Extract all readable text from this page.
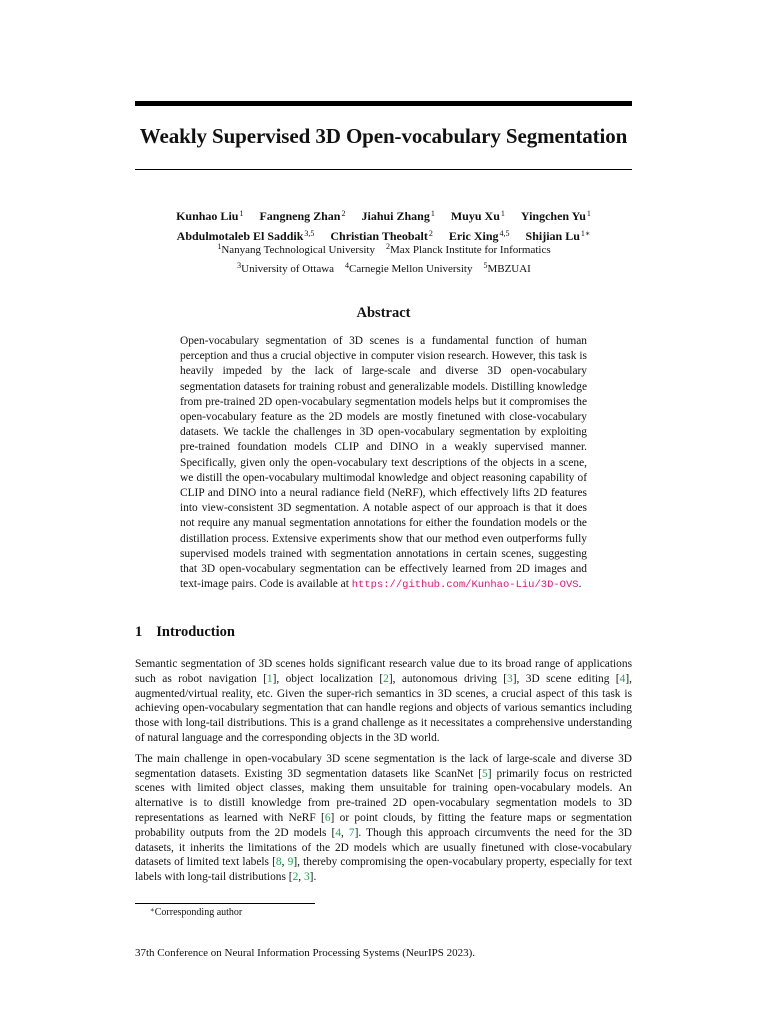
Weakly Supervised 3D Open-vocabulary Segmentation
Kunhao Liu$^1$ Fangneng Zhan$^2$ Jiahui Zhang$^1$ Muyu Xu$^1$ Yingchen Yu$^1$
Abdulmotaleb El Saddik$^{3,5}$ Christian Theobalt$^2$ Eric Xing$^{4,5}$ Shijian $Lu^{1∗}$
$^1$Nanyang Technological University $^2$Max Planck Institute for Informatics
$^3$University of Ottawa $^4$Carnegie Mellon University $^5$MBZUAI
Abstract

Open-vocabulary segmentation of 3D scenes is a fundamental function of human perception and thus a crucial objective in computer vision research. However, this task is heavily impeded by the lack of large-scale and diverse 3D open-vocabulary segmentation datasets for training robust and generalizable models. Distilling knowledge from pre-trained 2D open-vocabulary segmentation models helps but it compromises the open-vocabulary feature as the 2D models are mostly finetuned with close-vocabulary datasets. We tackle the challenges in 3D open-vocabulary segmentation by exploiting pre-trained foundation models CLIP and DINO in a weakly supervised manner. Specifically, given only the open-vocabulary text descriptions of the objects in a scene, we distill the open-vocabulary multimodal knowledge and object reasoning capability of CLIP and DINO into a neural radiance field (NeRF), which effectively lifts 2D features into view-consistent 3D segmentation. A notable aspect of our approach is that it does not require any manual segmentation annotations for either the foundation models or the distillation process. Extensive experiments show that our method even outperforms fully supervised models trained with segmentation annotations in certain scenes, suggesting that 3D open-vocabulary segmentation can be effectively learned from 2D images and text-image pairs. Code is available at https://github.com/Kunhao-Liu/3D-OVS.

1 Introduction

Semantic segmentation of 3D scenes holds significant research value due to its broad range of applications such as robot navigation [1], object localization [2], autonomous driving [3], 3D scene editing [4], augmented/virtual reality, etc. Given the super-rich semantics in 3D scenes, a crucial aspect of this task is achieving open-vocabulary segmentation that can handle regions and objects of various semantics including those with long-tail distributions. This is a grand challenge as it necessitates a comprehensive understanding of natural language and the corresponding objects in the 3D world.

The main challenge in open-vocabulary 3D scene segmentation is the lack of large-scale and diverse 3D segmentation datasets. Existing 3D segmentation datasets like ScanNet [5] primarily focus on restricted scenes with limited object classes, making them unsuitable for training open-vocabulary models. An alternative is to distill knowledge from pre-trained 2D open-vocabulary segmentation models to 3D representations as learned with NeRF [6] or point clouds, by fitting the feature maps or segmentation probability outputs from the 2D models [4, 7]. Though this approach circumvents the need for the 3D datasets, it inherits the limitations of the 2D models which are usually finetuned with close-vocabulary datasets of limited text labels [8, 9], thereby compromising the open-vocabulary property, especially for text labels with long-tail distributions [2, 3].

∗Corresponding author
37th Conference on Neural Information Processing Systems (NeurIPS 2023).
